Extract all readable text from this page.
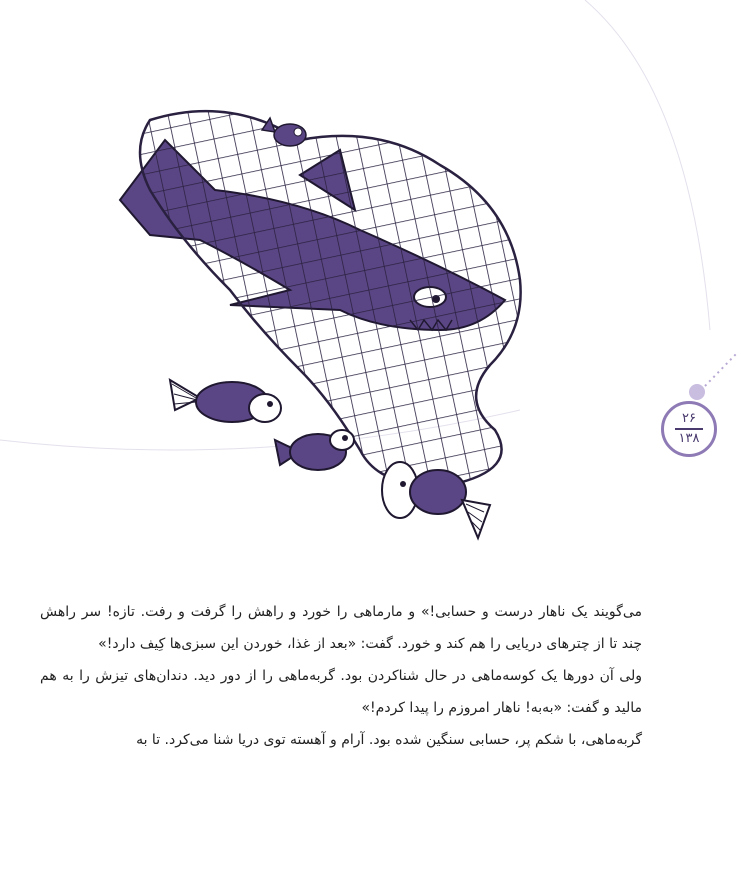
۲۶
۱۳۸

می‌گویند یک ناهار درست و حسابی!» و مارماهی را خورد و راهش را گرفت و رفت. تازه! سر راهش چند تا از چترهای دریایی را هم کند و خورد. گفت: «بعد از غذا، خوردن این سبزی‌ها کِیف دارد!»

ولی آن دورها یک کوسه‌ماهی در حال شناکردن بود. گربه‌ماهی را از دور دید. دندان‌های تیزش را به هم مالید و گفت: «به‌به! ناهار امروزم را پیدا کردم!»

گربه‌ماهی، با شکم پر، حسابی سنگین شده بود. آرام و آهسته توی دریا شنا می‌کرد. تا به
